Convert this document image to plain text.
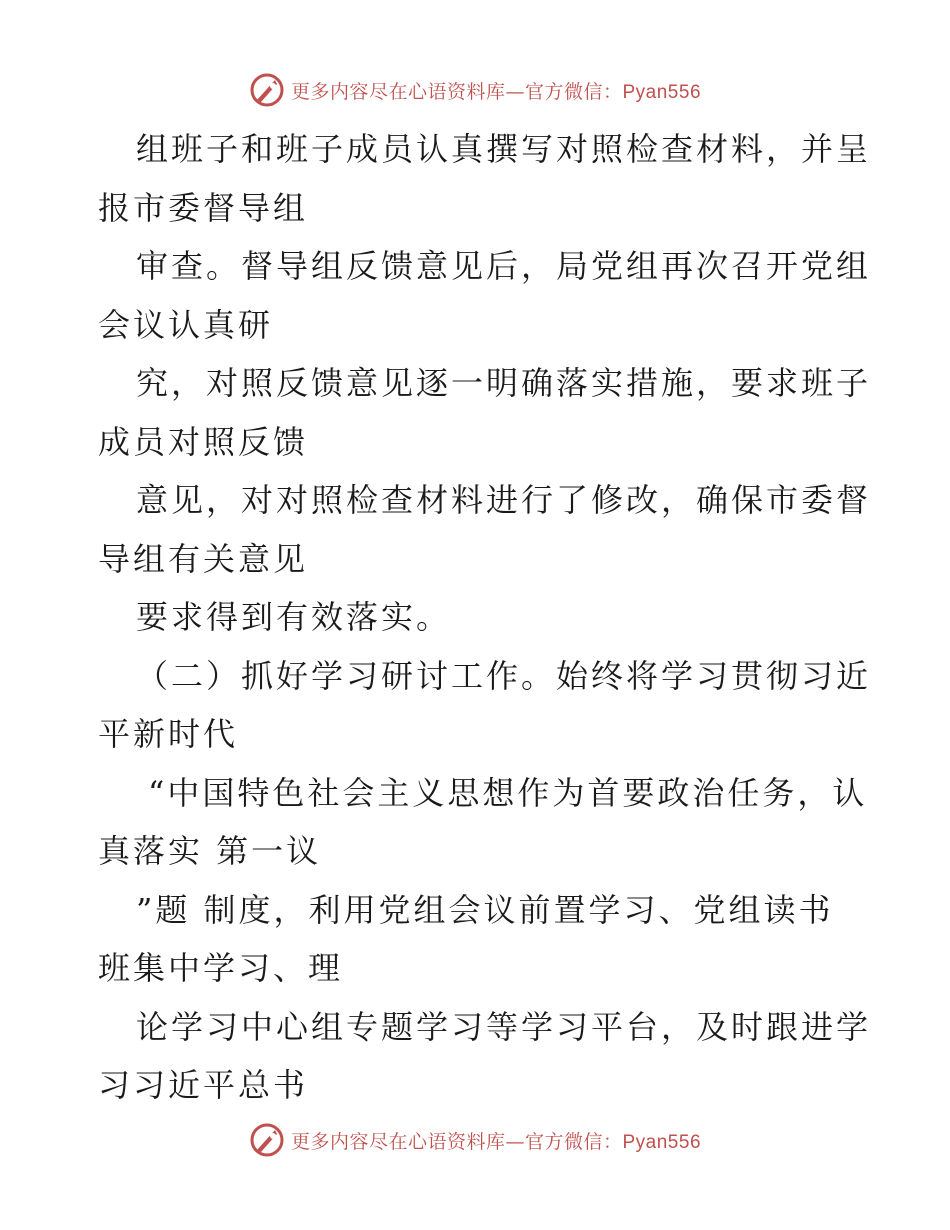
更多内容尽在心语资料库—官方微信：Pyan556
组班子和班子成员认真撰写对照检查材料，并呈
报市委督导组
审查。督导组反馈意见后，局党组再次召开党组
会议认真研
究，对照反馈意见逐一明确落实措施，要求班子
成员对照反馈
意见，对对照检查材料进行了修改，确保市委督
导组有关意见
要求得到有效落实。
（二）抓好学习研讨工作。始终将学习贯彻习近
平新时代
“中国特色社会主义思想作为首要政治任务，认
真落实 第一议
”题 制度，利用党组会议前置学习、党组读书
班集中学习、理
论学习中心组专题学习等学习平台，及时跟进学
习习近平总书
更多内容尽在心语资料库—官方微信：Pyan556
